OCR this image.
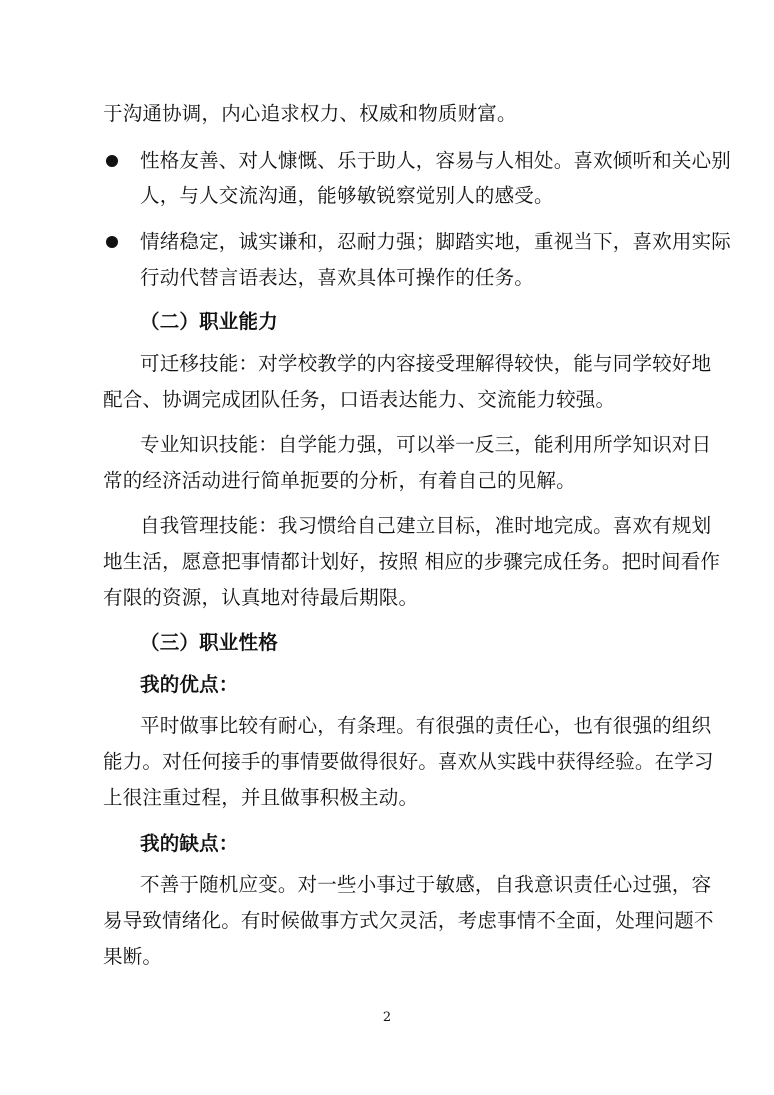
于沟通协调，内心追求权力、权威和物质财富。
性格友善、对人慷慨、乐于助人，容易与人相处。喜欢倾听和关心别
人，与人交流沟通，能够敏锐察觉别人的感受。
情绪稳定，诚实谦和，忍耐力强；脚踏实地，重视当下，喜欢用实际
行动代替言语表达，喜欢具体可操作的任务。
（二）职业能力
可迁移技能：对学校教学的内容接受理解得较快，能与同学较好地
配合、协调完成团队任务，口语表达能力、交流能力较强。
专业知识技能：自学能力强，可以举一反三，能利用所学知识对日
常的经济活动进行简单扼要的分析，有着自己的见解。
自我管理技能：我习惯给自己建立目标，准时地完成。喜欢有规划
地生活，愿意把事情都计划好，按照 相应的步骤完成任务。把时间看作
有限的资源，认真地对待最后期限。
（三）职业性格
我的优点：
平时做事比较有耐心，有条理。有很强的责任心，也有很强的组织
能力。对任何接手的事情要做得很好。喜欢从实践中获得经验。在学习
上很注重过程，并且做事积极主动。
我的缺点：
不善于随机应变。对一些小事过于敏感，自我意识责任心过强，容
易导致情绪化。有时候做事方式欠灵活，考虑事情不全面，处理问题不
果断。
2
